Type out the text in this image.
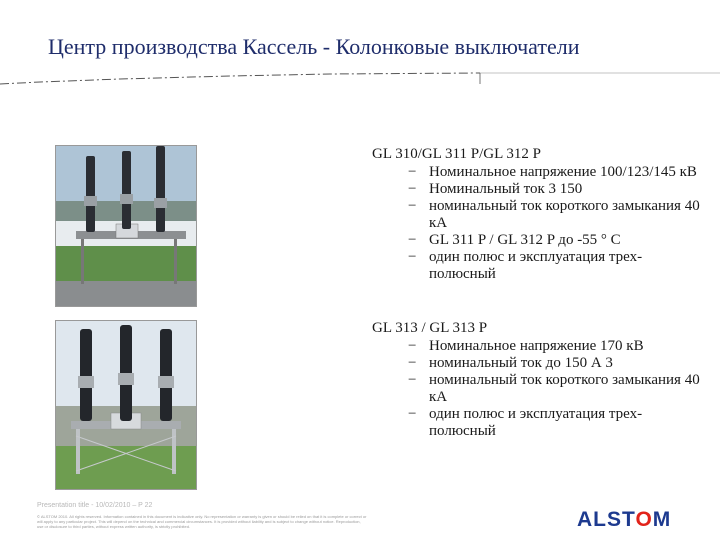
Центр производства Кассель - Колонковые выключатели
GL 310/GL 311 P/GL 312 P
− Номинальное напряжение 100/123/145 кВ
− Номинальный ток 3 150
− номинальный ток короткого замыкания 40 кА
− GL 311 P / GL 312 P до -55 ° C
− один полюс и эксплуатация трех-полюсный
GL 313 / GL 313 P
− Номинальное напряжение 170 кВ
− номинальный ток до 150 А 3
− номинальный ток короткого замыкания 40 кА
− один полюс и эксплуатация трех-полюсный
Presentation title - 10/02/2010 – P 22
© ALSTOM 2010. All rights reserved. Information contained in this document is indicative only. No representation or warranty is given or should be relied on that it is complete or correct or will apply to any particular project. This will depend on the technical and commercial circumstances. It is provided without liability and is subject to change without notice. Reproduction, use or disclosure to third parties, without express written authority, is strictly prohibited.	ALSTOM
